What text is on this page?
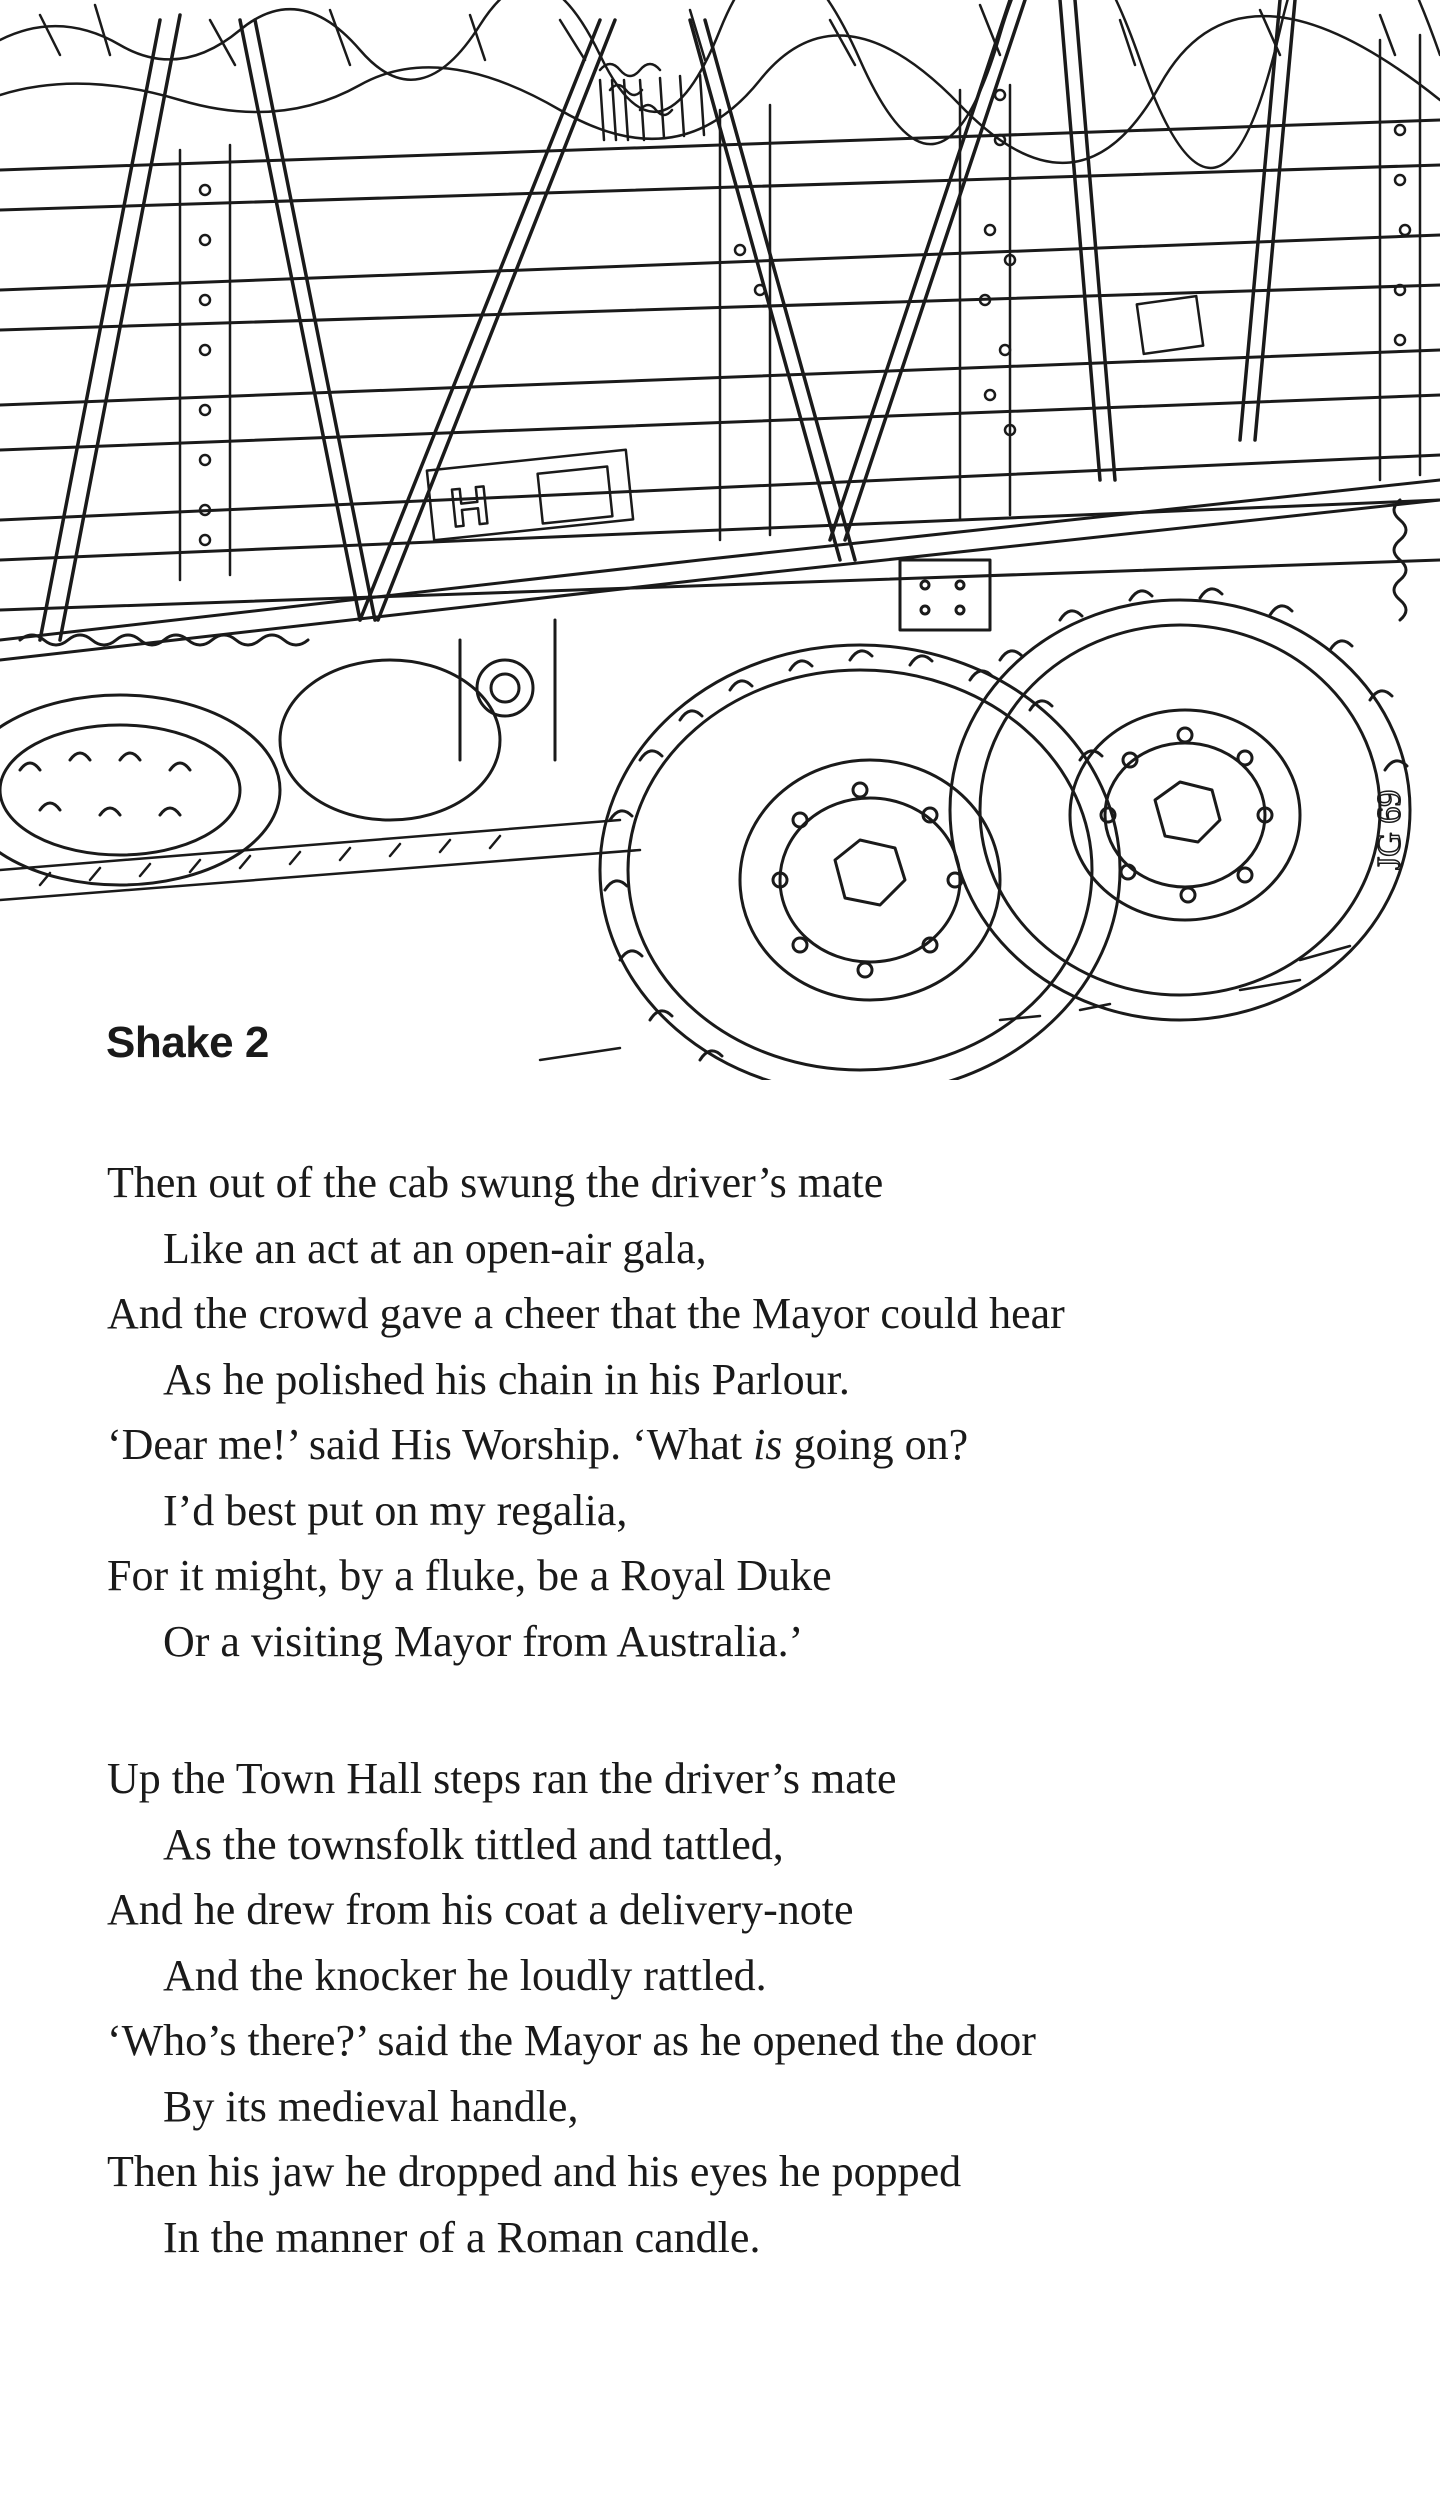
H
JG 69
Shake 2
Then out of the cab swung the driver’s mate
Like an act at an open-air gala,
And the crowd gave a cheer that the Mayor could hear
As he polished his chain in his Parlour.
‘Dear me!’ said His Worship. ‘What is going on?
I’d best put on my regalia,
For it might, by a fluke, be a Royal Duke
Or a visiting Mayor from Australia.’
Up the Town Hall steps ran the driver’s mate
As the townsfolk tittled and tattled,
And he drew from his coat a delivery-note
And the knocker he loudly rattled.
‘Who’s there?’ said the Mayor as he opened the door
By its medieval handle,
Then his jaw he dropped and his eyes he popped
In the manner of a Roman candle.
